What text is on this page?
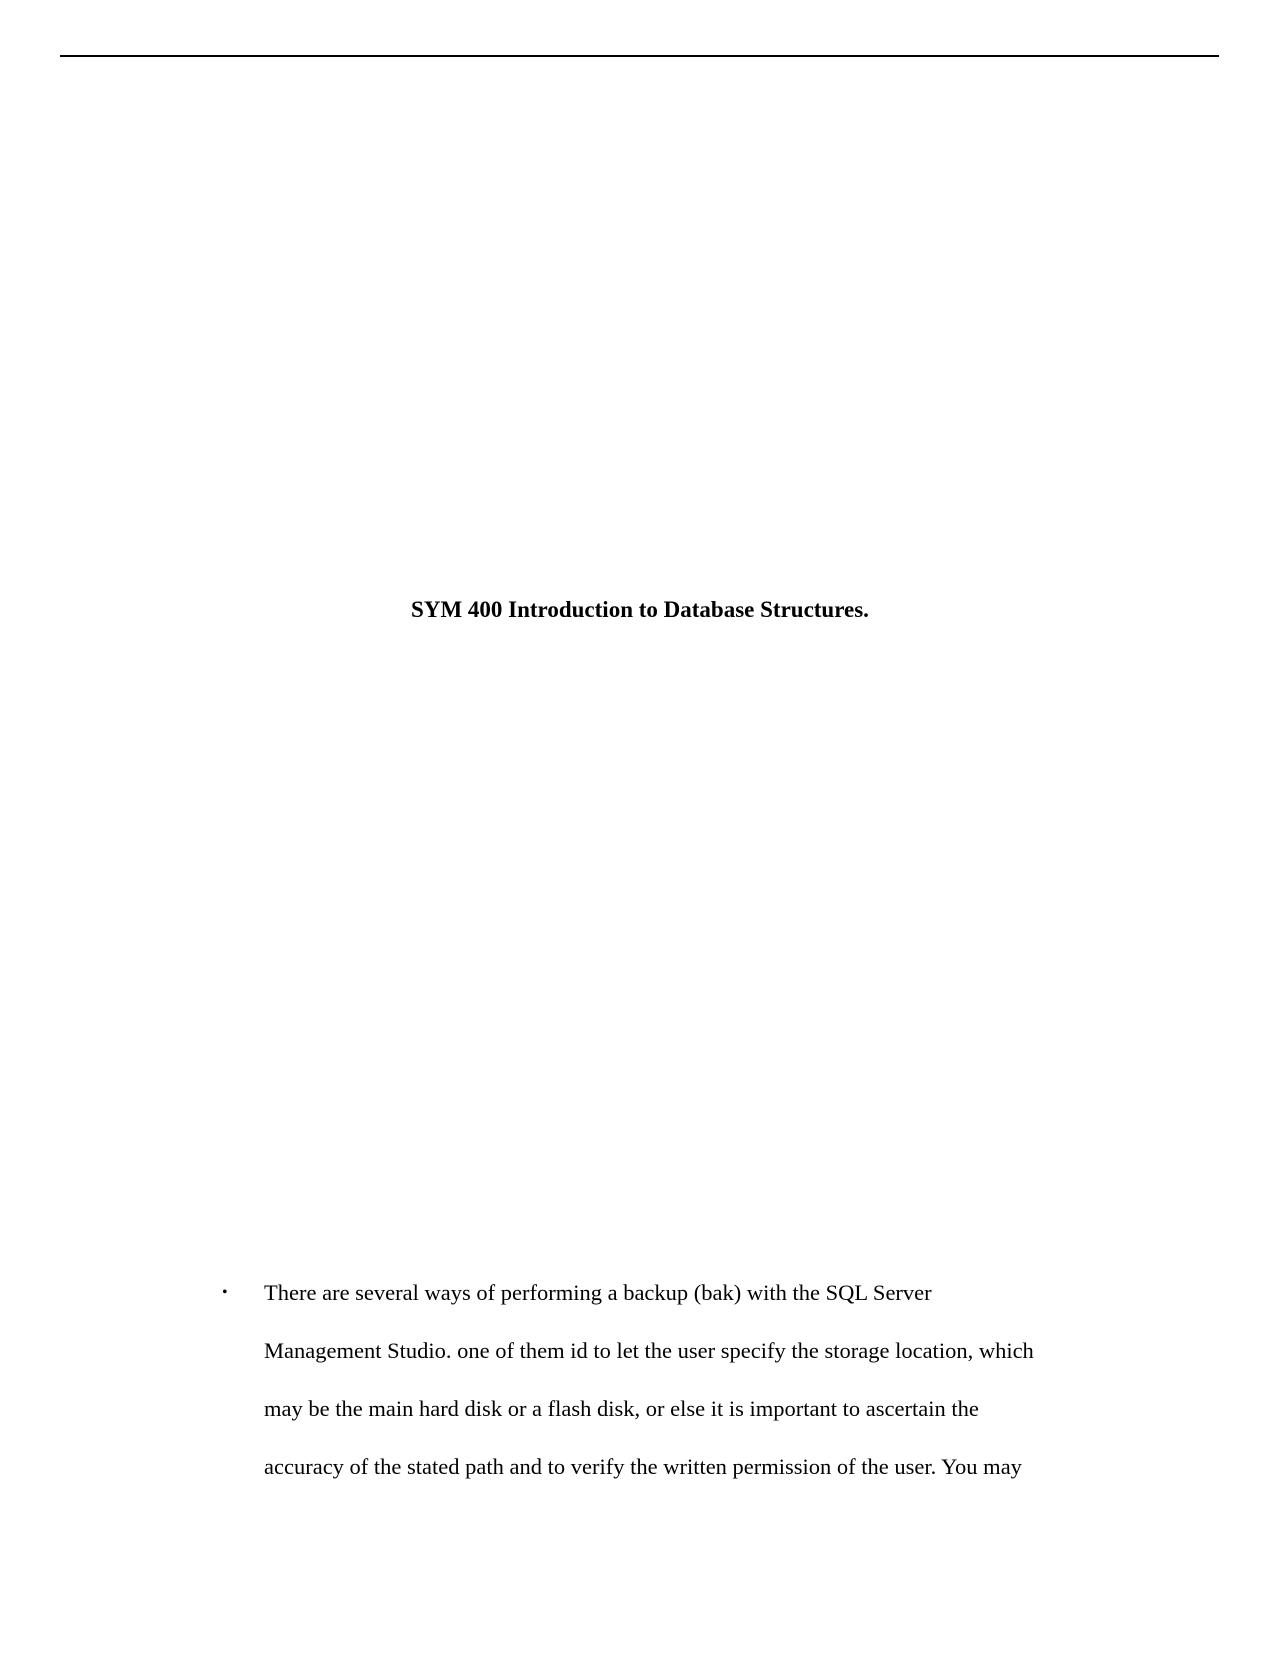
SYM 400 Introduction to Database Structures.
• There are several ways of performing a backup (bak) with the SQL Server
Management Studio. one of them id to let the user specify the storage location, which
may be the main hard disk or a flash disk, or else it is important to ascertain the
accuracy of the stated path and to verify the written permission of the user. You may
